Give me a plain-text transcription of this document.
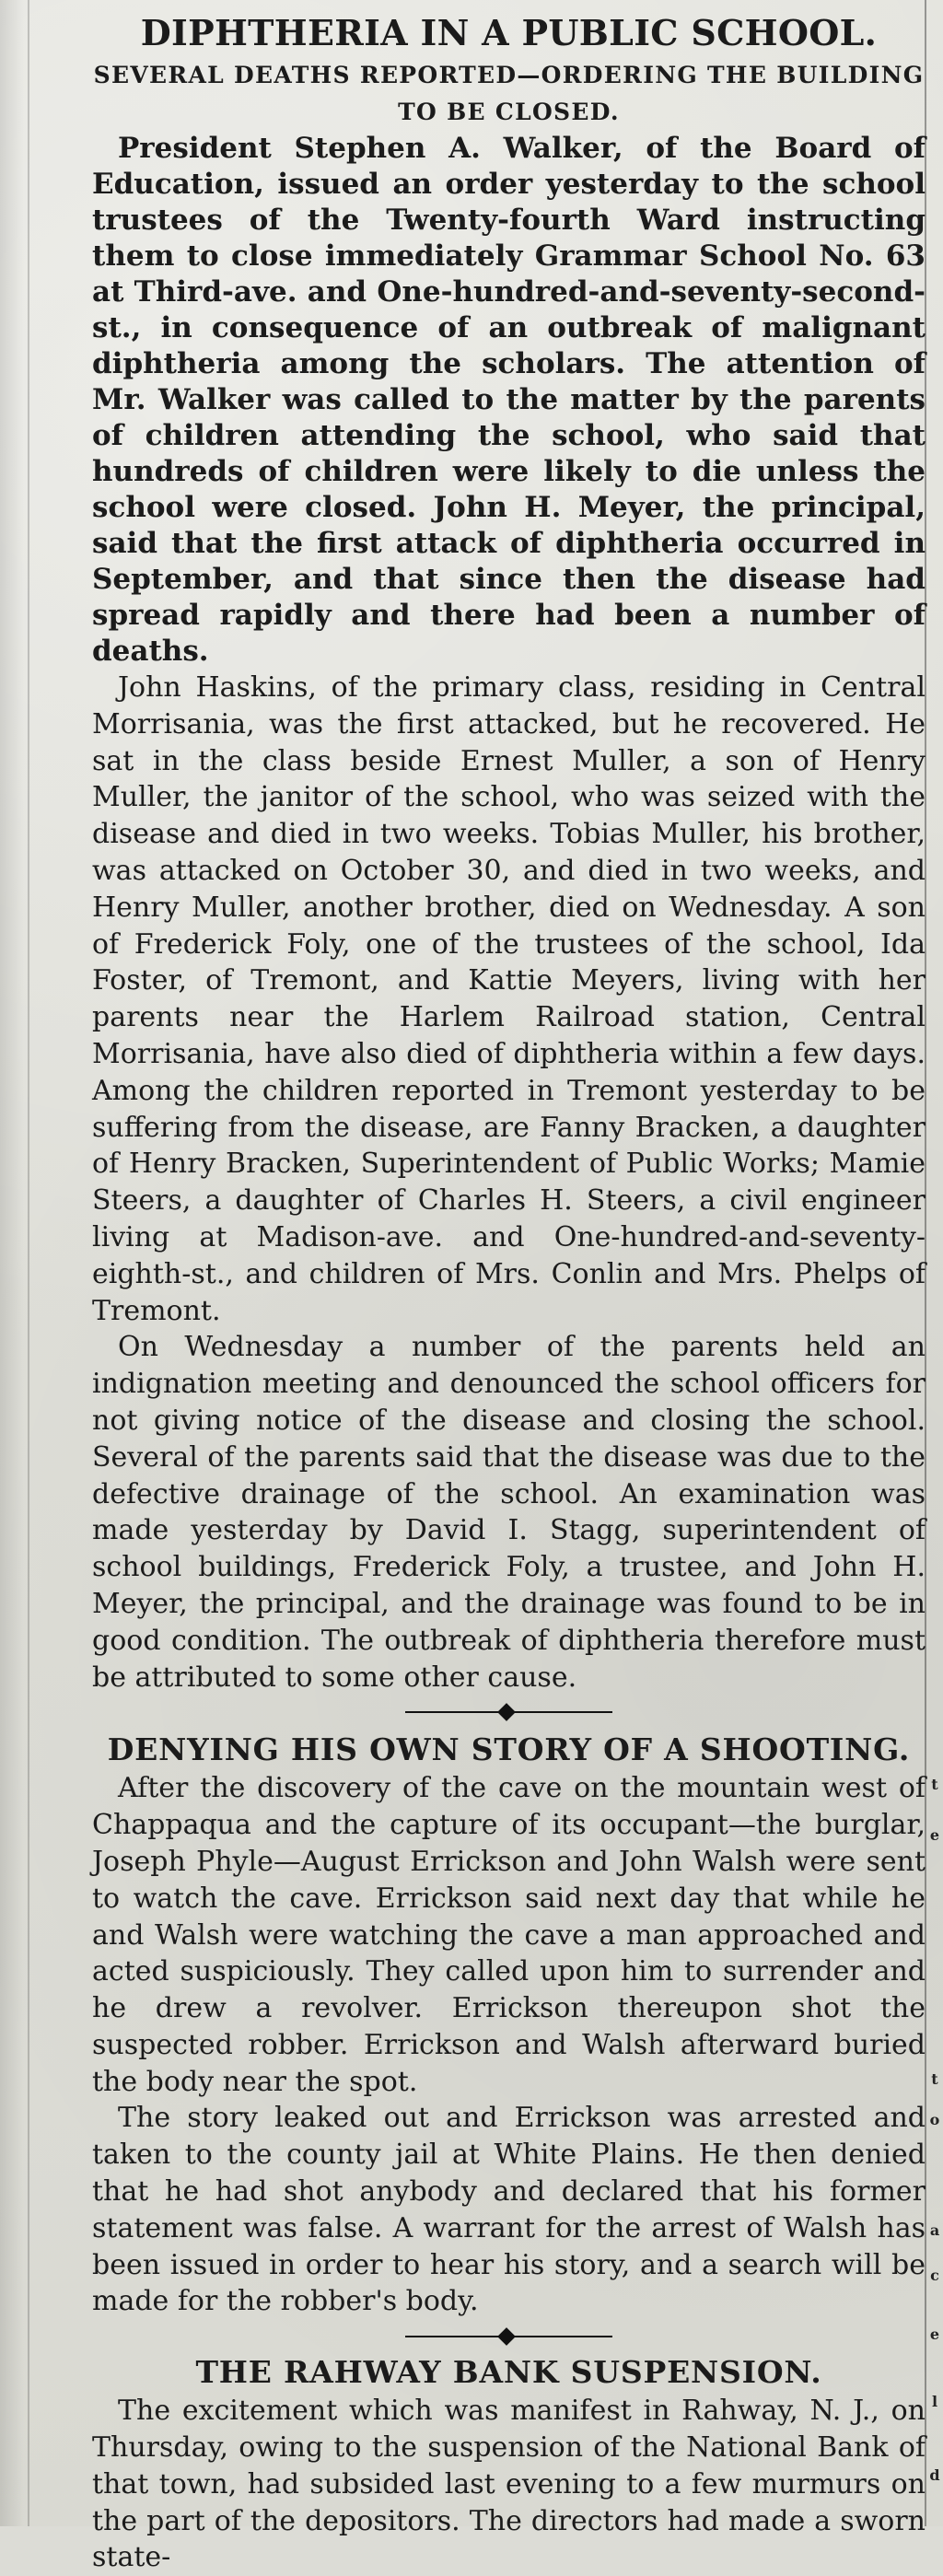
DIPHTHERIA IN A PUBLIC SCHOOL.
SEVERAL DEATHS REPORTED—ORDERING THE BUILDING TO BE CLOSED.

President Stephen A. Walker, of the Board of Education, issued an order yesterday to the school trustees of the Twenty-fourth Ward instructing them to close immediately Grammar School No. 63 at Third-ave. and One-hundred-and-seventy-second-st., in consequence of an outbreak of malignant diphtheria among the scholars. The attention of Mr. Walker was called to the matter by the parents of children attending the school, who said that hundreds of children were likely to die unless the school were closed. John H. Meyer, the principal, said that the first attack of diphtheria occurred in September, and that since then the disease had spread rapidly and there had been a number of deaths.

John Haskins, of the primary class, residing in Central Morrisania, was the first attacked, but he recovered. He sat in the class beside Ernest Muller, a son of Henry Muller, the janitor of the school, who was seized with the disease and died in two weeks. Tobias Muller, his brother, was attacked on October 30, and died in two weeks, and Henry Muller, another brother, died on Wednesday. A son of Frederick Foly, one of the trustees of the school, Ida Foster, of Tremont, and Kattie Meyers, living with her parents near the Harlem Railroad station, Central Morrisania, have also died of diphtheria within a few days. Among the children reported in Tremont yesterday to be suffering from the disease, are Fanny Bracken, a daughter of Henry Bracken, Superintendent of Public Works; Mamie Steers, a daughter of Charles H. Steers, a civil engineer living at Madison-ave. and One-hundred-and-seventy-eighth-st., and children of Mrs. Conlin and Mrs. Phelps of Tremont.

On Wednesday a number of the parents held an indignation meeting and denounced the school officers for not giving notice of the disease and closing the school. Several of the parents said that the disease was due to the defective drainage of the school. An examination was made yesterday by David I. Stagg, superintendent of school buildings, Frederick Foly, a trustee, and John H. Meyer, the principal, and the drainage was found to be in good condition. The outbreak of diphtheria therefore must be attributed to some other cause.

DENYING HIS OWN STORY OF A SHOOTING.

After the discovery of the cave on the mountain west of Chappaqua and the capture of its occupant—the burglar, Joseph Phyle—August Errickson and John Walsh were sent to watch the cave. Errickson said next day that while he and Walsh were watching the cave a man approached and acted suspiciously. They called upon him to surrender and he drew a revolver. Errickson thereupon shot the suspected robber. Errickson and Walsh afterward buried the body near the spot.

The story leaked out and Errickson was arrested and taken to the county jail at White Plains. He then denied that he had shot anybody and declared that his former statement was false. A warrant for the arrest of Walsh has been issued in order to hear his story, and a search will be made for the robber's body.

THE RAHWAY BANK SUSPENSION.

The excitement which was manifest in Rahway, N. J., on Thursday, owing to the suspension of the National Bank of that town, had subsided last evening to a few murmurs on the part of the depositors. The directors had made a sworn state-

t
e
t
o
a
c
e
l
d
